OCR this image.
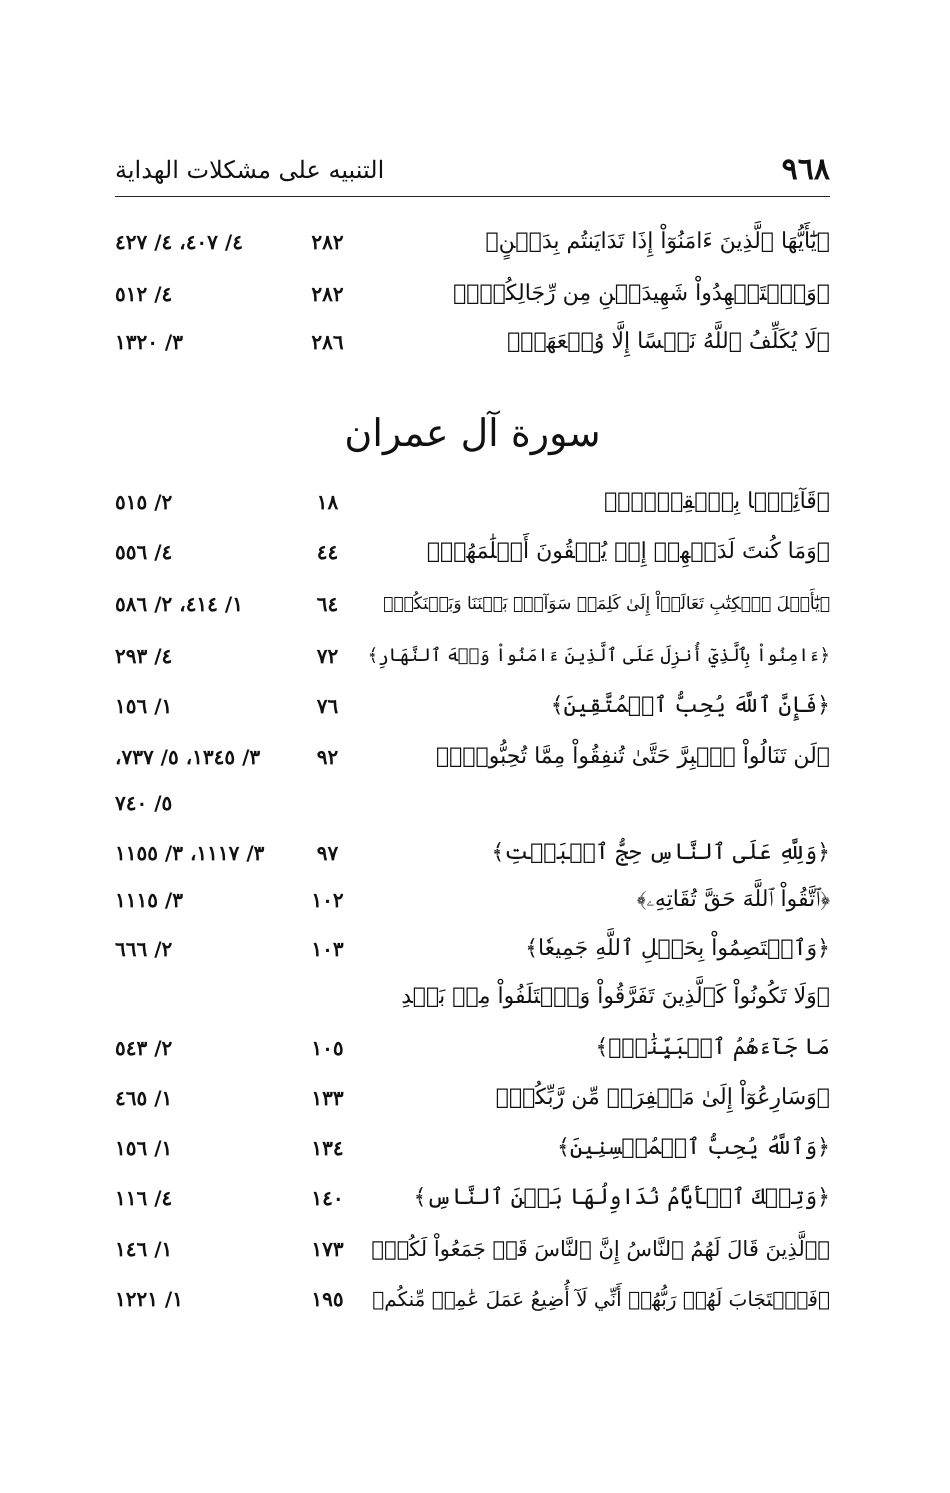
٩٦٨
التنبيه على مشكلات الهداية
﴿يَٰٓأَيُّهَا ٱلَّذِينَ ءَامَنُوٓاْ إِذَا تَدَايَنتُم بِدَيۡنٍ﴾
٢٨٢
٤/ ٤٠٧، ٤/ ٤٢٧
﴿وَٱسۡتَشۡهِدُواْ شَهِيدَيۡنِ مِن رِّجَالِكُمۡۖ﴾
٢٨٢
٤/ ٥١٢
﴿لَا يُكَلِّفُ ٱللَّهُ نَفۡسًا إِلَّا وُسۡعَهَاۚ﴾
٢٨٦
٣/ ١٣٢٠
سورة آل عمران
﴿قَآئِمَۢا بِٱلۡقِسۡطِۚ﴾
١٨
٢/ ٥١٥
﴿وَمَا كُنتَ لَدَيۡهِمۡ إِذۡ يُلۡقُونَ أَقۡلَٰمَهُمۡ﴾
٤٤
٤/ ٥٥٦
﴿يَٰٓأَهۡلَ ٱلۡكِتَٰبِ تَعَالَوۡاْ إِلَىٰ كَلِمَةٖ سَوَآءِۭ بَيۡنَنَا وَبَيۡنَكُمۡ﴾
٦٤
١/ ٤١٤، ٢/ ٥٨٦
﴿ءَامِنُواْ بِٱلَّذِيٓ أُنزِلَ عَلَى ٱلَّذِينَ ءَامَنُواْ وَجۡهَ ٱلنَّهَارِ﴾
٧٢
٤/ ٢٩٣
﴿فَإِنَّ ٱللَّهَ يُحِبُّ ٱلۡمُتَّقِينَ﴾
٧٦
١/ ١٥٦
﴿لَن تَنَالُواْ ٱلۡبِرَّ حَتَّىٰ تُنفِقُواْ مِمَّا تُحِبُّونَۚ﴾
٩٢
٣/ ١٣٤٥، ٥/ ٧٣٧،
٥/ ٧٤٠
﴿وَلِلَّهِ عَلَى ٱلنَّاسِ حِجُّ ٱلۡبَيۡتِ﴾
٩٧
٣/ ١١١٧، ٣/ ١١٥٥
﴿ٱتَّقُواْ ٱللَّهَ حَقَّ تُقَاتِهِۦ﴾
١٠٢
٣/ ١١١٥
﴿وَٱعۡتَصِمُواْ بِحَبۡلِ ٱللَّهِ جَمِيعٗا﴾
١٠٣
٢/ ٦٦٦
﴿وَلَا تَكُونُواْ كَٱلَّذِينَ تَفَرَّقُواْ وَٱخۡتَلَفُواْ مِنۢ بَعۡدِ
مَا جَآءَهُمُ ٱلۡبَيِّنَٰتُۚ﴾
١٠٥
٢/ ٥٤٣
﴿وَسَارِعُوٓاْ إِلَىٰ مَغۡفِرَةٖ مِّن رَّبِّكُمۡ﴾
١٣٣
١/ ٤٦٥
﴿وَٱللَّهُ يُحِبُّ ٱلۡمُحۡسِنِينَ﴾
١٣٤
١/ ١٥٦
﴿وَتِلۡكَ ٱلۡأَيَّامُ نُدَاوِلُهَا بَيۡنَ ٱلنَّاسِ﴾
١٤٠
٤/ ١١٦
﴿ٱلَّذِينَ قَالَ لَهُمُ ٱلنَّاسُ إِنَّ ٱلنَّاسَ قَدۡ جَمَعُواْ لَكُمۡ﴾
١٧٣
١/ ١٤٦
﴿فَٱسۡتَجَابَ لَهُمۡ رَبُّهُمۡ أَنِّي لَآ أُضِيعُ عَمَلَ عَٰمِلٖ مِّنكُم﴾
١٩٥
١/ ١٢٢١
